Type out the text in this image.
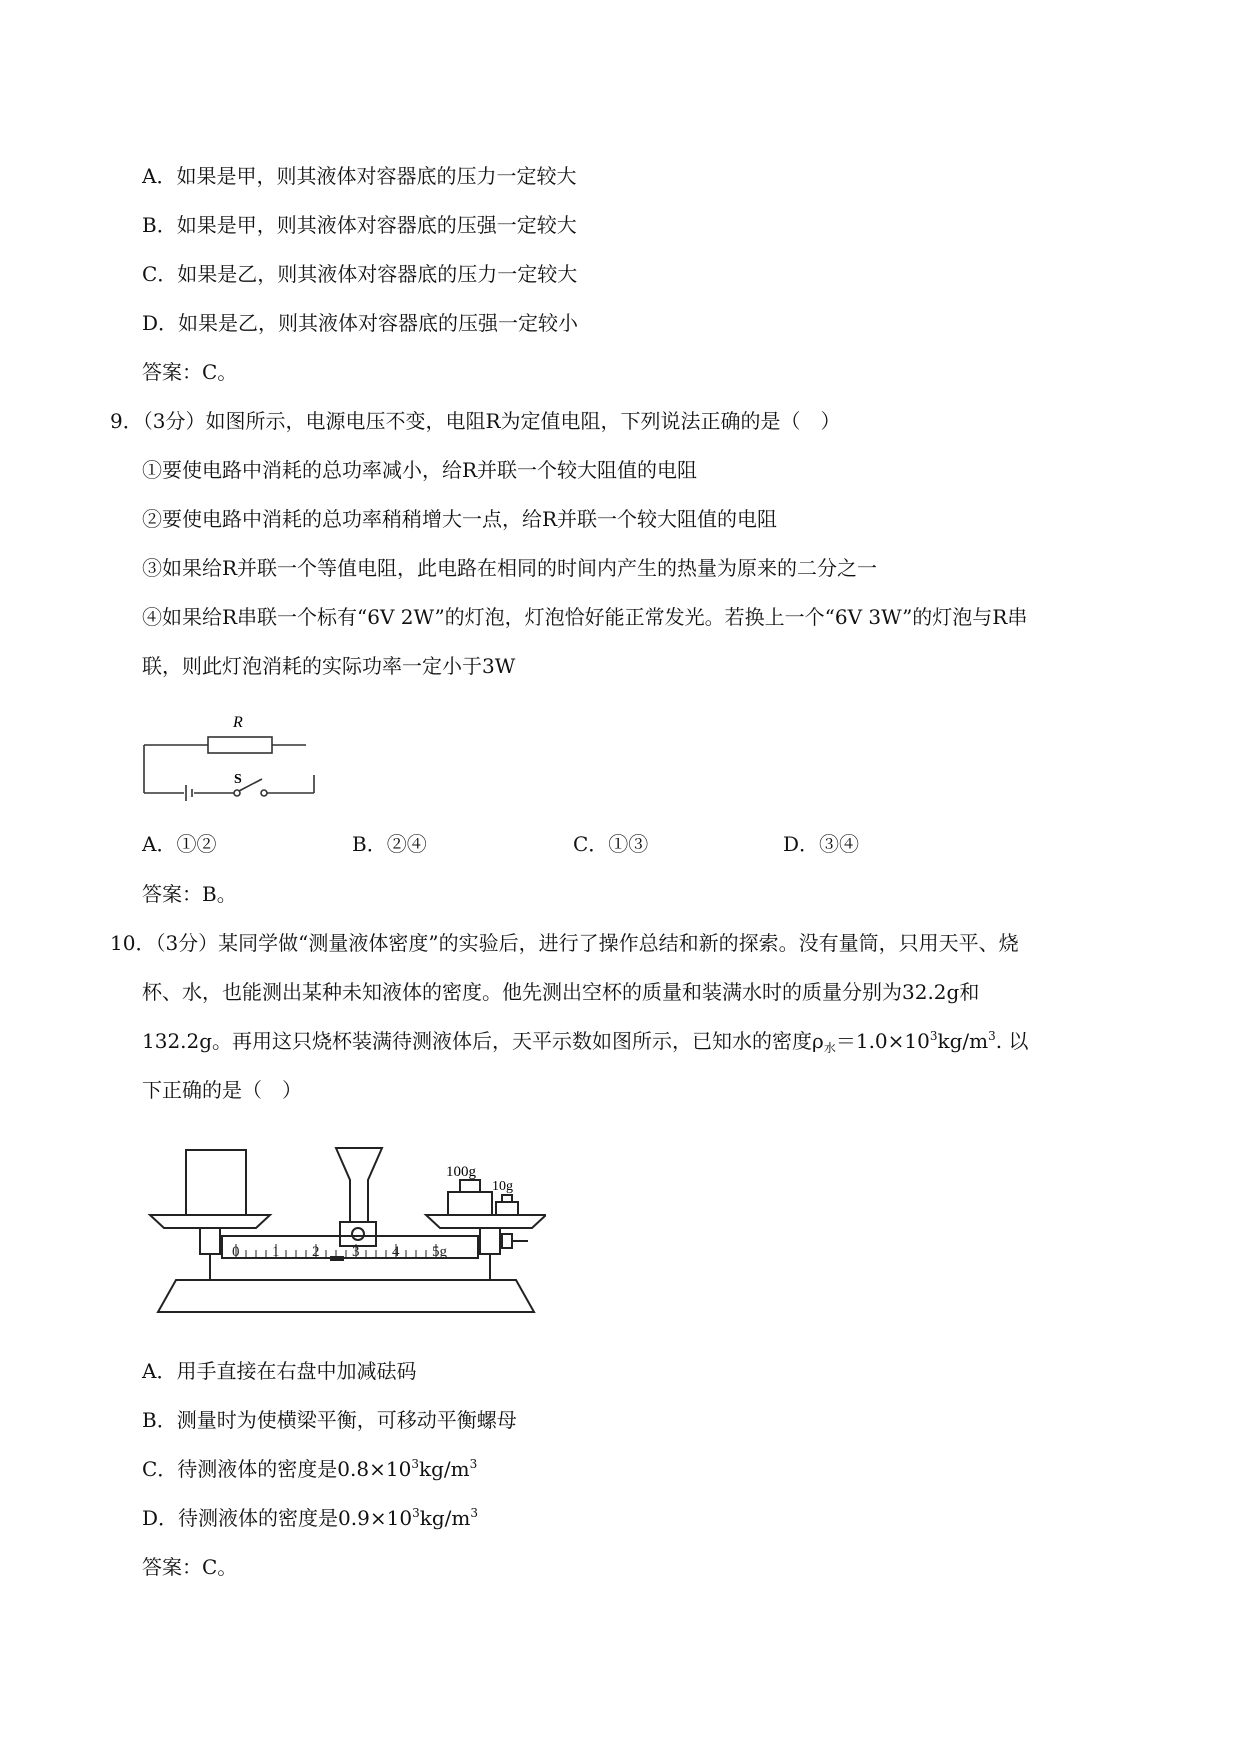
A．如果是甲，则其液体对容器底的压力一定较大
B．如果是甲，则其液体对容器底的压强一定较大
C．如果是乙，则其液体对容器底的压力一定较大
D．如果是乙，则其液体对容器底的压强一定较小
答案：C。
9．（3分）如图所示，电源电压不变，电阻R为定值电阻，下列说法正确的是（　）
①要使电路中消耗的总功率减小，给R并联一个较大阻值的电阻
②要使电路中消耗的总功率稍稍增大一点，给R并联一个较大阻值的电阻
③如果给R并联一个等值电阻，此电路在相同的时间内产生的热量为原来的二分之一
④如果给R串联一个标有“6V 2W”的灯泡，灯泡恰好能正常发光。若换上一个“6V 3W”的灯泡与R串
联，则此灯泡消耗的实际功率一定小于3W
R
S
A．①②	B．②④	C．①③	D．③④
答案：B。
10．（3分）某同学做“测量液体密度”的实验后，进行了操作总结和新的探索。没有量筒，只用天平、烧
杯、水，也能测出某种未知液体的密度。他先测出空杯的质量和装满水时的质量分别为32.2g和
132.2g。再用这只烧杯装满待测液体后，天平示数如图所示，已知水的密度$\rho_水=1.0\times 10^3kg/m^3$. 以
下正确的是（　）
0 1 2 3 4 5g
100g
10g
A．用手直接在右盘中加减砝码
B．测量时为使横梁平衡，可移动平衡螺母
C．待测液体的密度是$0.8\times 10^3kg/m^3$
D．待测液体的密度是$0.9\times 10^3kg/m^3$
答案：C。
